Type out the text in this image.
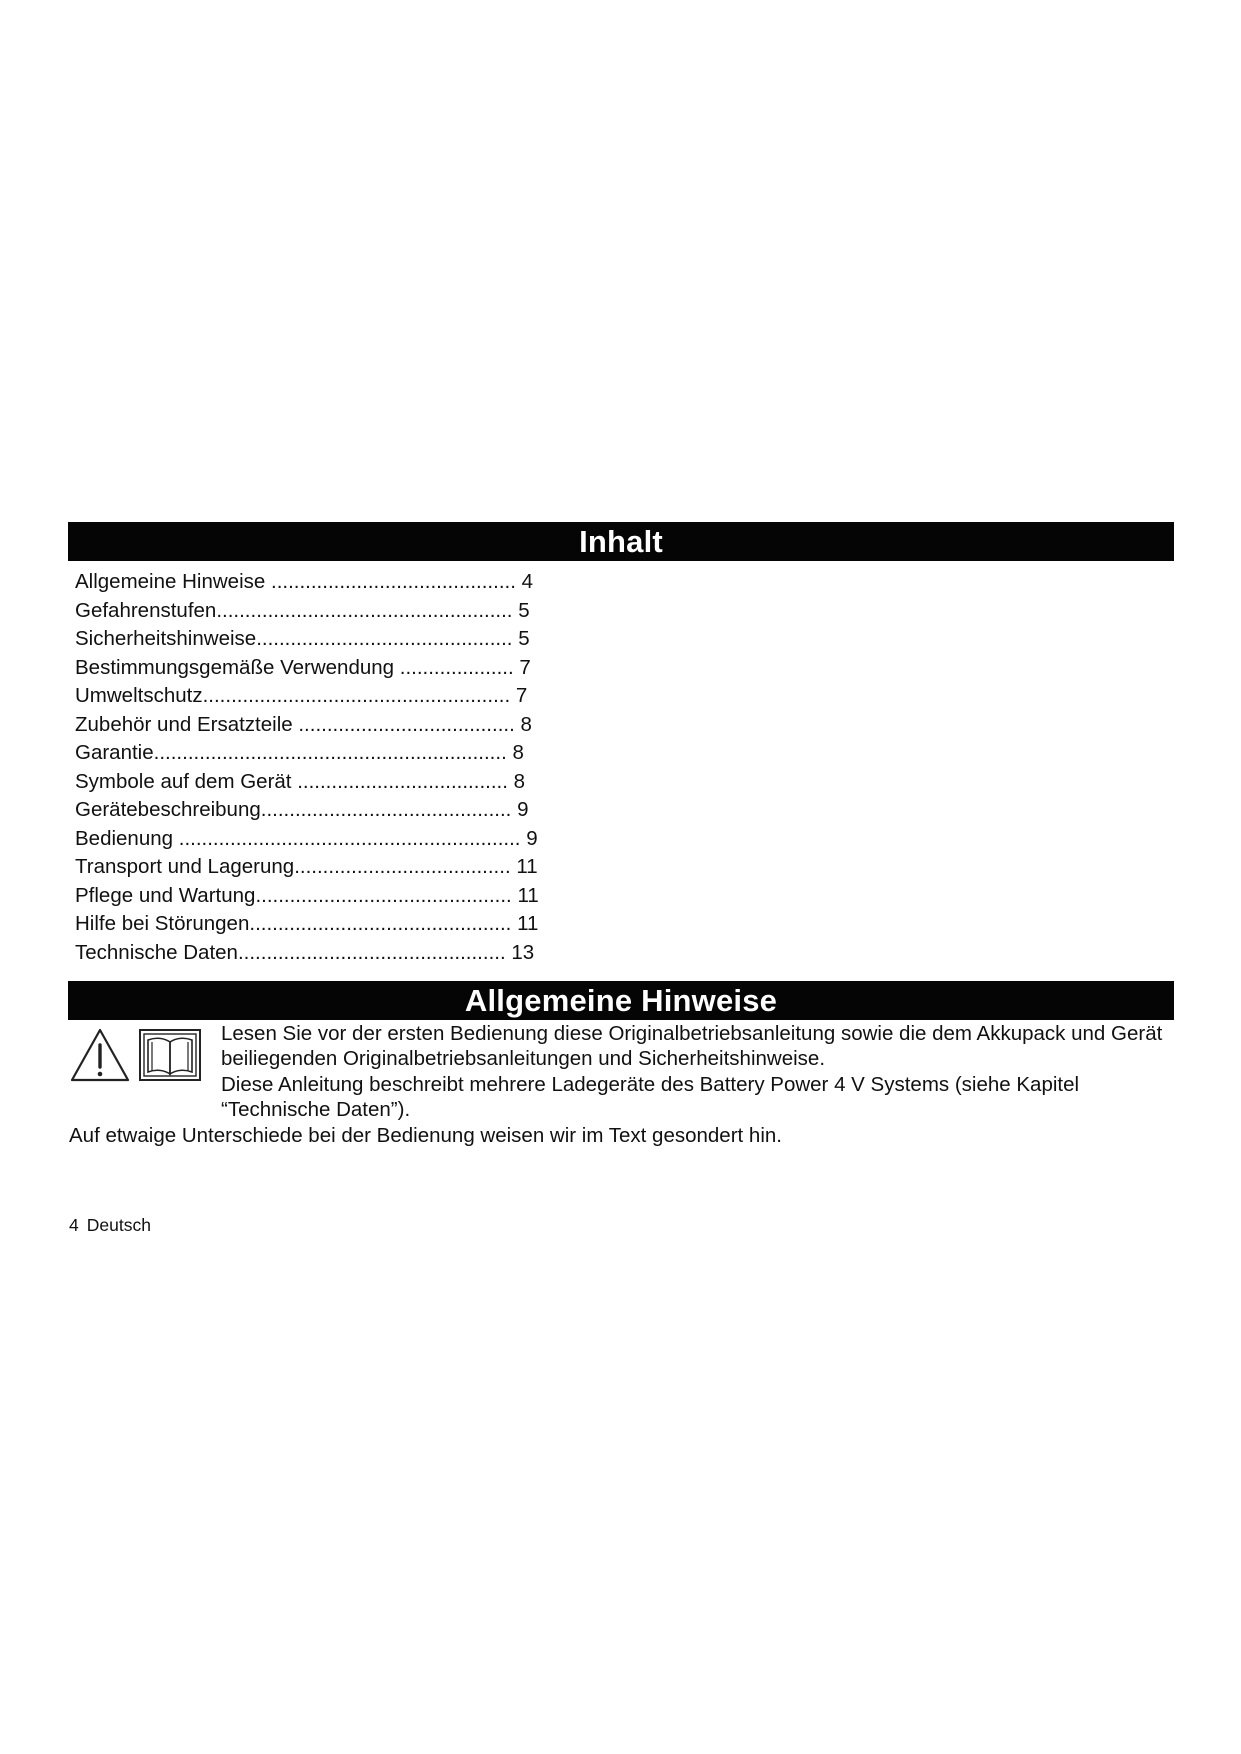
Inhalt
Allgemeine Hinweise ........................................... 4
Gefahrenstufen.................................................... 5
Sicherheitshinweise............................................. 5
Bestimmungsgemäße Verwendung .................... 7
Umweltschutz...................................................... 7
Zubehör und Ersatzteile ...................................... 8
Garantie.............................................................. 8
Symbole auf dem Gerät ..................................... 8
Gerätebeschreibung............................................ 9
Bedienung ............................................................ 9
Transport und Lagerung...................................... 11
Pflege und Wartung............................................. 11
Hilfe bei Störungen.............................................. 11
Technische Daten............................................... 13
Allgemeine Hinweise

Lesen Sie vor der ersten Bedienung diese Originalbetriebsanleitung sowie die dem Akkupack und Gerät beiliegenden Originalbetriebsanleitungen und Sicherheitshinweise.

Diese Anleitung beschreibt mehrere Ladegeräte des Battery Power 4 V Systems (siehe Kapitel “Technische Daten”).

Auf etwaige Unterschiede bei der Bedienung weisen wir im Text gesondert hin.

4 Deutsch
